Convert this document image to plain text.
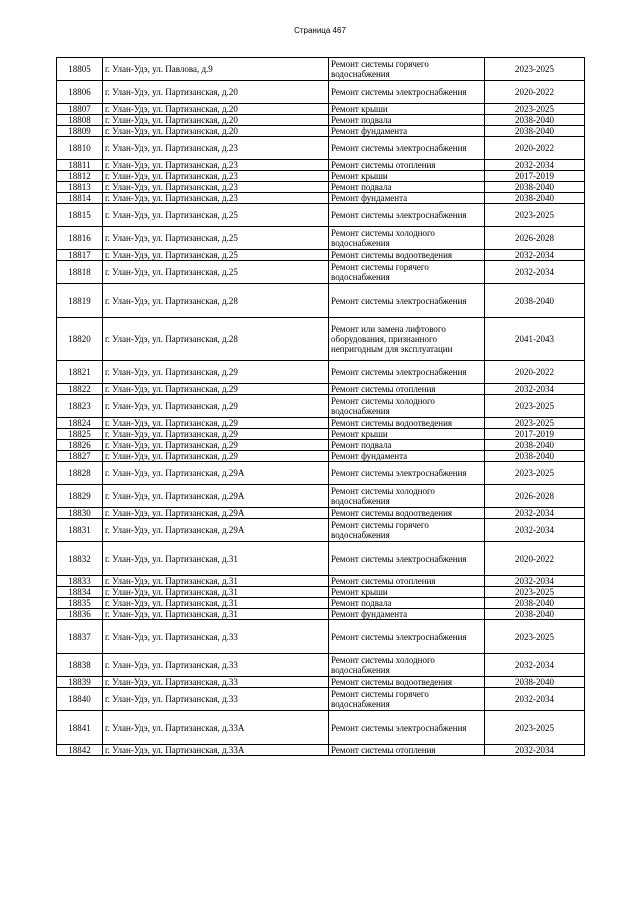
Страница 467
18805	г. Улан-Удэ, ул. Павлова, д.9	Ремонт системы горячего водоснабжения	2023-2025
18806	г. Улан-Удэ, ул. Партизанская, д.20	Ремонт системы электроснабжения	2020-2022
18807	г. Улан-Удэ, ул. Партизанская, д.20	Ремонт крыши	2023-2025
18808	г. Улан-Удэ, ул. Партизанская, д.20	Ремонт подвала	2038-2040
18809	г. Улан-Удэ, ул. Партизанская, д.20	Ремонт фундамента	2038-2040
18810	г. Улан-Удэ, ул. Партизанская, д.23	Ремонт системы электроснабжения	2020-2022
18811	г. Улан-Удэ, ул. Партизанская, д.23	Ремонт системы отопления	2032-2034
18812	г. Улан-Удэ, ул. Партизанская, д.23	Ремонт крыши	2017-2019
18813	г. Улан-Удэ, ул. Партизанская, д.23	Ремонт подвала	2038-2040
18814	г. Улан-Удэ, ул. Партизанская, д.23	Ремонт фундамента	2038-2040
18815	г. Улан-Удэ, ул. Партизанская, д.25	Ремонт системы электроснабжения	2023-2025
18816	г. Улан-Удэ, ул. Партизанская, д.25	Ремонт системы холодного водоснабжения	2026-2028
18817	г. Улан-Удэ, ул. Партизанская, д.25	Ремонт системы водоотведения	2032-2034
18818	г. Улан-Удэ, ул. Партизанская, д.25	Ремонт системы горячего водоснабжения	2032-2034
18819	г. Улан-Удэ, ул. Партизанская, д.28	Ремонт системы электроснабжения	2038-2040
18820	г. Улан-Удэ, ул. Партизанская, д.28	Ремонт или замена лифтового оборудования, признанного непригодным для эксплуатации	2041-2043
18821	г. Улан-Удэ, ул. Партизанская, д.29	Ремонт системы электроснабжения	2020-2022
18822	г. Улан-Удэ, ул. Партизанская, д.29	Ремонт системы отопления	2032-2034
18823	г. Улан-Удэ, ул. Партизанская, д.29	Ремонт системы холодного водоснабжения	2023-2025
18824	г. Улан-Удэ, ул. Партизанская, д.29	Ремонт системы водоотведения	2023-2025
18825	г. Улан-Удэ, ул. Партизанская, д.29	Ремонт крыши	2017-2019
18826	г. Улан-Удэ, ул. Партизанская, д.29	Ремонт подвала	2038-2040
18827	г. Улан-Удэ, ул. Партизанская, д.29	Ремонт фундамента	2038-2040
18828	г. Улан-Удэ, ул. Партизанская, д.29А	Ремонт системы электроснабжения	2023-2025
18829	г. Улан-Удэ, ул. Партизанская, д.29А	Ремонт системы холодного водоснабжения	2026-2028
18830	г. Улан-Удэ, ул. Партизанская, д.29А	Ремонт системы водоотведения	2032-2034
18831	г. Улан-Удэ, ул. Партизанская, д.29А	Ремонт системы горячего водоснабжения	2032-2034
18832	г. Улан-Удэ, ул. Партизанская, д.31	Ремонт системы электроснабжения	2020-2022
18833	г. Улан-Удэ, ул. Партизанская, д.31	Ремонт системы отопления	2032-2034
18834	г. Улан-Удэ, ул. Партизанская, д.31	Ремонт крыши	2023-2025
18835	г. Улан-Удэ, ул. Партизанская, д.31	Ремонт подвала	2038-2040
18836	г. Улан-Удэ, ул. Партизанская, д.31	Ремонт фундамента	2038-2040
18837	г. Улан-Удэ, ул. Партизанская, д.33	Ремонт системы электроснабжения	2023-2025
18838	г. Улан-Удэ, ул. Партизанская, д.33	Ремонт системы холодного водоснабжения	2032-2034
18839	г. Улан-Удэ, ул. Партизанская, д.33	Ремонт системы водоотведения	2038-2040
18840	г. Улан-Удэ, ул. Партизанская, д.33	Ремонт системы горячего водоснабжения	2032-2034
18841	г. Улан-Удэ, ул. Партизанская, д.33А	Ремонт системы электроснабжения	2023-2025
18842	г. Улан-Удэ, ул. Партизанская, д.33А	Ремонт системы отопления	2032-2034
